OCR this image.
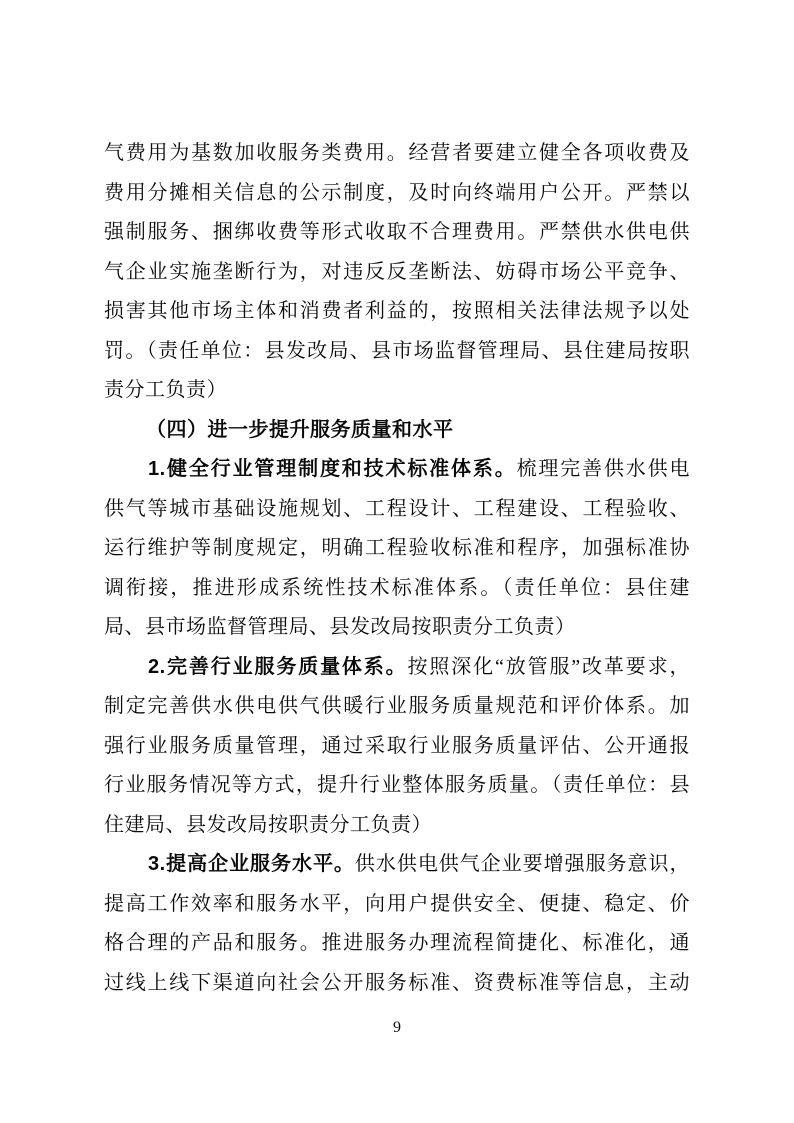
气费用为基数加收服务类费用。经营者要建立健全各项收费及
费用分摊相关信息的公示制度，及时向终端用户公开。严禁以
强制服务、捆绑收费等形式收取不合理费用。严禁供水供电供
气企业实施垄断行为，对违反反垄断法、妨碍市场公平竞争、
损害其他市场主体和消费者利益的，按照相关法律法规予以处
罚。（责任单位：县发改局、县市场监督管理局、县住建局按职
责分工负责）
（四）进一步提升服务质量和水平
1.健全行业管理制度和技术标准体系。梳理完善供水供电
供气等城市基础设施规划、工程设计、工程建设、工程验收、
运行维护等制度规定，明确工程验收标准和程序，加强标准协
调衔接，推进形成系统性技术标准体系。（责任单位：县住建
局、县市场监督管理局、县发改局按职责分工负责）
2.完善行业服务质量体系。按照深化“放管服”改革要求，
制定完善供水供电供气供暖行业服务质量规范和评价体系。加
强行业服务质量管理，通过采取行业服务质量评估、公开通报
行业服务情况等方式，提升行业整体服务质量。（责任单位：县
住建局、县发改局按职责分工负责）
3.提高企业服务水平。供水供电供气企业要增强服务意识，
提高工作效率和服务水平，向用户提供安全、便捷、稳定、价
格合理的产品和服务。推进服务办理流程简捷化、标准化，通
过线上线下渠道向社会公开服务标准、资费标准等信息，主动
9
